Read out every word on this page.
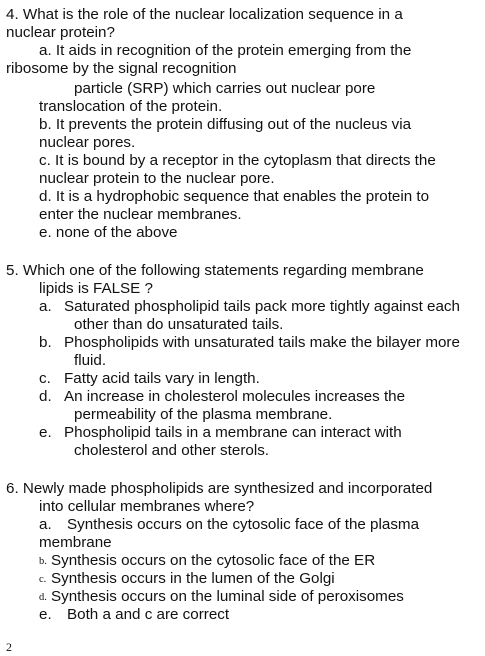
4. What is the role of the nuclear localization sequence in a
nuclear protein?
a. It aids in recognition of the protein emerging from the
ribosome by the signal recognition
particle (SRP) which carries out nuclear pore
translocation of the protein.
b. It prevents the protein diffusing out of the nucleus via
nuclear pores.
c. It is bound by a receptor in the cytoplasm that directs the
nuclear protein to the nuclear pore.
d. It is a hydrophobic sequence that enables the protein to
enter the nuclear membranes.
e. none of the above
5. Which one of the following statements regarding membrane
lipids is FALSE ?
a. Saturated phospholipid tails pack more tightly against each
other than do unsaturated tails.
b. Phospholipids with unsaturated tails make the bilayer more
fluid.
c. Fatty acid tails vary in length.
d. An increase in cholesterol molecules increases the
permeability of the plasma membrane.
e. Phospholipid tails in a membrane can interact with
cholesterol and other sterols.
6. Newly made phospholipids are synthesized and incorporated
into cellular membranes where?
a. Synthesis occurs on the cytosolic face of the plasma
membrane
b. Synthesis occurs on the cytosolic face of the ER
c. Synthesis occurs in the lumen of the Golgi
d. Synthesis occurs on the luminal side of peroxisomes
e. Both a and c are correct
2
